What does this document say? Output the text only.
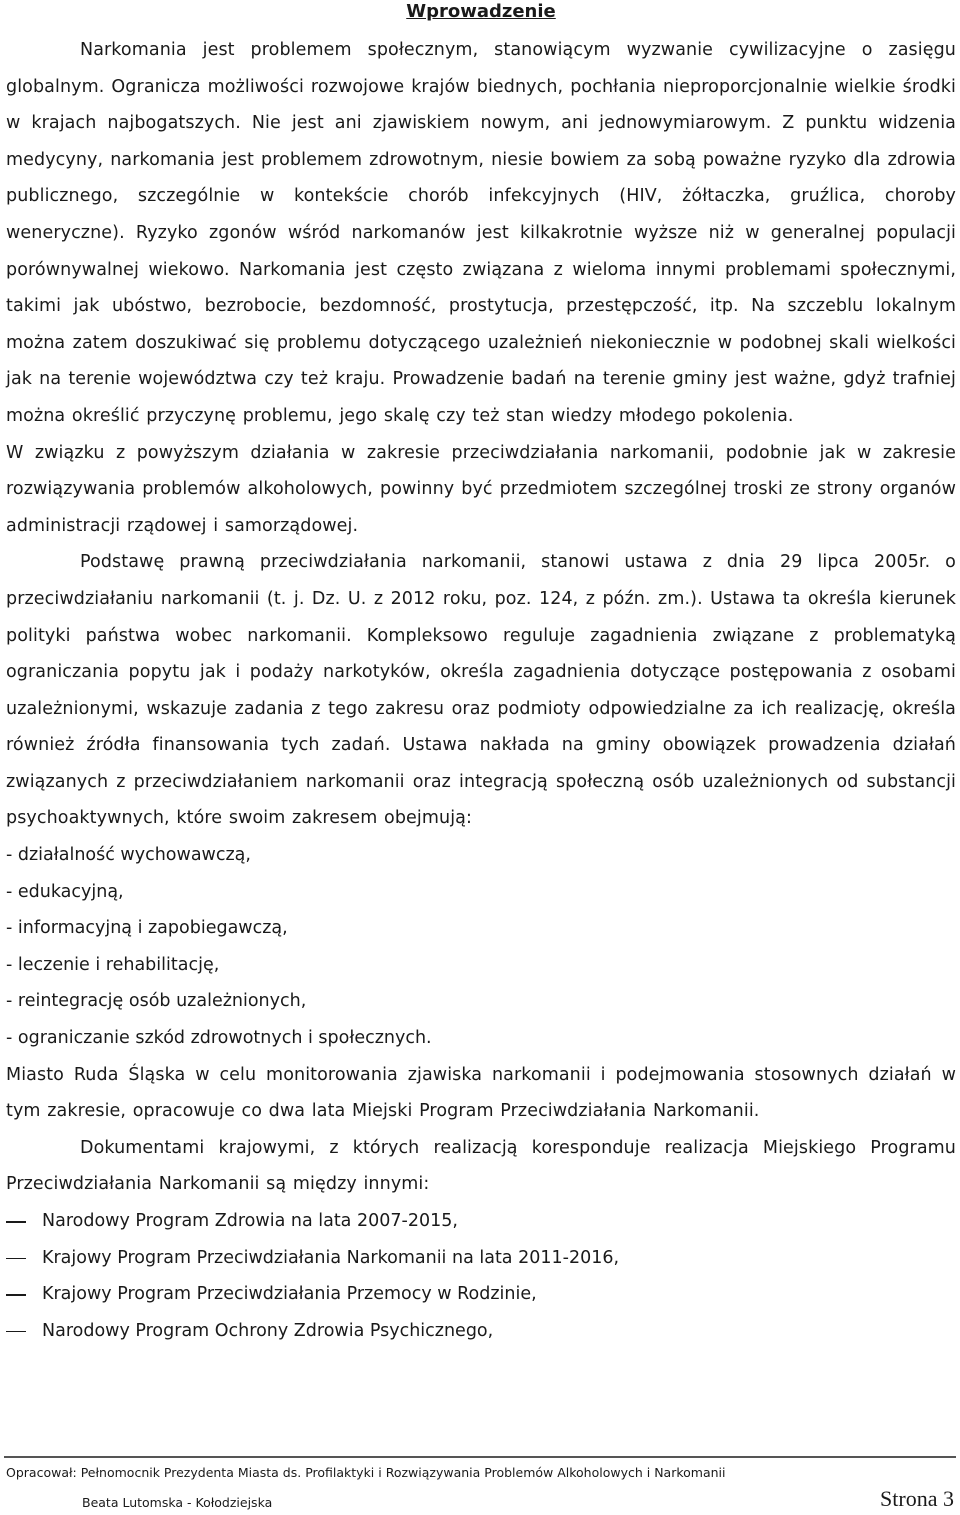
Wprowadzenie

Narkomania jest problemem społecznym, stanowiącym wyzwanie cywilizacyjne o zasięgu globalnym. Ogranicza możliwości rozwojowe krajów biednych, pochłania nieproporcjonalnie wielkie środki w krajach najbogatszych. Nie jest ani zjawiskiem nowym, ani jednowymiarowym. Z punktu widzenia medycyny, narkomania jest problemem zdrowotnym, niesie bowiem za sobą poważne ryzyko dla zdrowia publicznego, szczególnie w kontekście chorób infekcyjnych (HIV, żółtaczka, gruźlica, choroby weneryczne). Ryzyko zgonów wśród narkomanów jest kilkakrotnie wyższe niż w generalnej populacji porównywalnej wiekowo. Narkomania jest często związana z wieloma innymi problemami społecznymi, takimi jak ubóstwo, bezrobocie, bezdomność, prostytucja, przestępczość, itp. Na szczeblu lokalnym można zatem doszukiwać się problemu dotyczącego uzależnień niekoniecznie w podobnej skali wielkości jak na terenie województwa czy też kraju. Prowadzenie badań na terenie gminy jest ważne, gdyż trafniej można określić przyczynę problemu, jego skalę czy też stan wiedzy młodego pokolenia.

W związku z powyższym działania w zakresie przeciwdziałania narkomanii, podobnie jak w zakresie rozwiązywania problemów alkoholowych, powinny być przedmiotem szczególnej troski ze strony organów administracji rządowej i samorządowej.

Podstawę prawną przeciwdziałania narkomanii, stanowi ustawa z dnia 29 lipca 2005r. o przeciwdziałaniu narkomanii (t. j. Dz. U. z 2012 roku, poz. 124, z późn. zm.). Ustawa ta określa kierunek polityki państwa wobec narkomanii. Kompleksowo reguluje zagadnienia związane z problematyką ograniczania popytu jak i podaży narkotyków, określa zagadnienia dotyczące postępowania z osobami uzależnionymi, wskazuje zadania z tego zakresu oraz podmioty odpowiedzialne za ich realizację, określa również źródła finansowania tych zadań. Ustawa nakłada na gminy obowiązek prowadzenia działań związanych z przeciwdziałaniem narkomanii oraz integracją społeczną osób uzależnionych od substancji psychoaktywnych, które swoim zakresem obejmują:

- działalność wychowawczą,
- edukacyjną,
- informacyjną i zapobiegawczą,
- leczenie i rehabilitację,
- reintegrację osób uzależnionych,
- ograniczanie szkód zdrowotnych i społecznych.

Miasto Ruda Śląska w celu monitorowania zjawiska narkomanii i podejmowania stosownych działań w tym zakresie, opracowuje co dwa lata Miejski Program Przeciwdziałania Narkomanii.

Dokumentami krajowymi, z których realizacją koresponduje realizacja Miejskiego Programu Przeciwdziałania Narkomanii są między innymi:

Narodowy Program Zdrowia na lata 2007-2015,
Krajowy Program Przeciwdziałania Narkomanii na lata 2011-2016,
Krajowy Program Przeciwdziałania Przemocy w Rodzinie,
Narodowy Program Ochrony Zdrowia Psychicznego,
Opracował: Pełnomocnik Prezydenta Miasta ds. Profilaktyki i Rozwiązywania Problemów Alkoholowych i Narkomanii
Beata Lutomska - Kołodziejska	Strona 3
